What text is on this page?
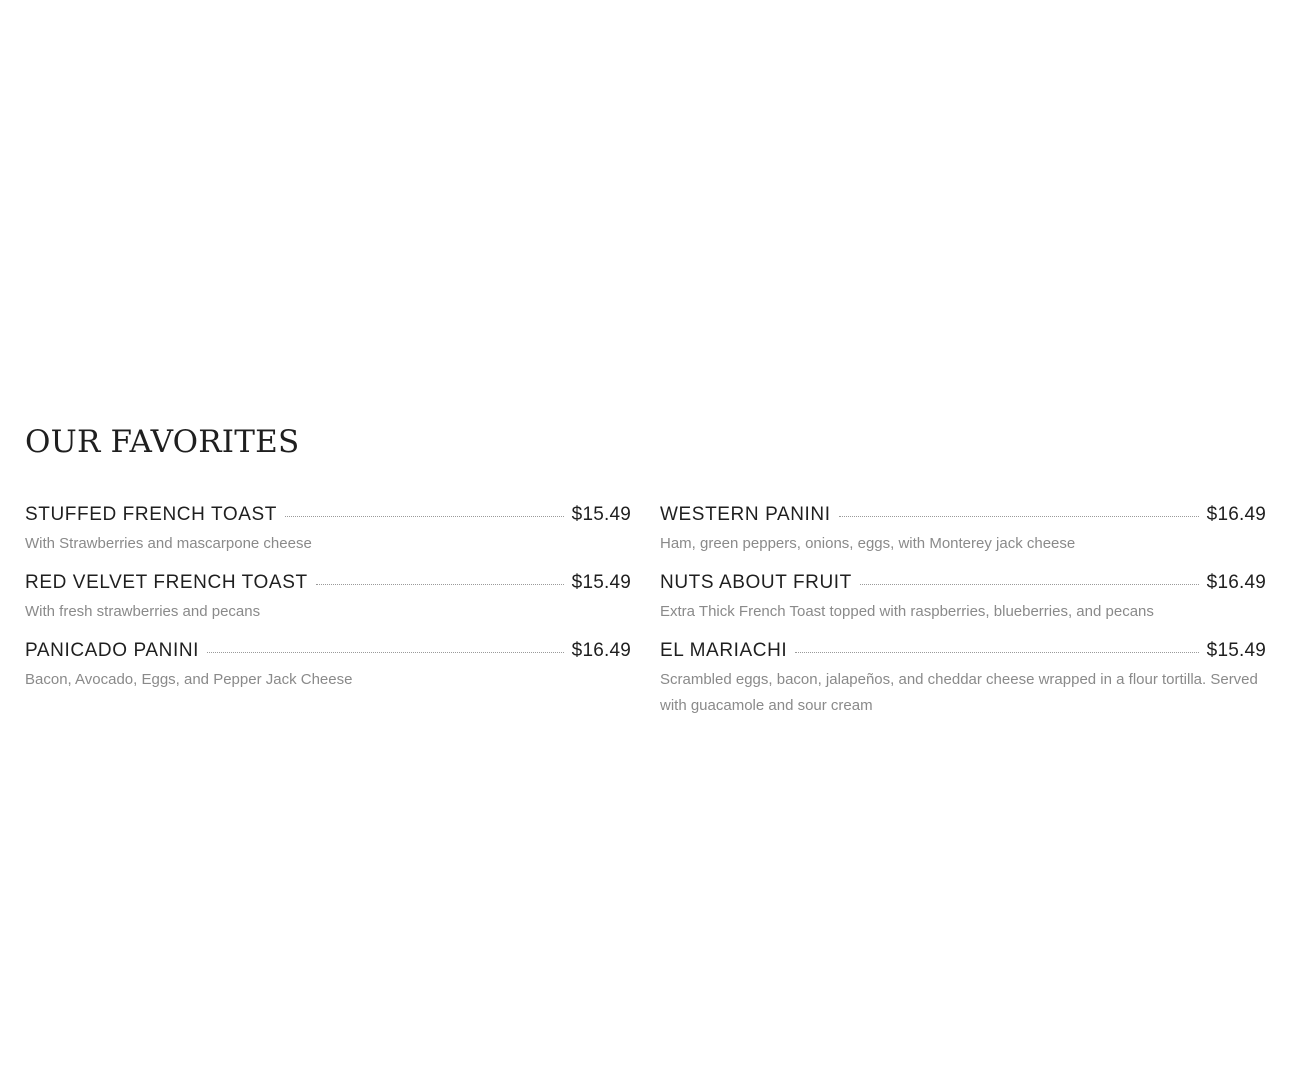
OUR FAVORITES
STUFFED FRENCH TOAST	$15.49
With Strawberries and mascarpone cheese
RED VELVET FRENCH TOAST	$15.49
With fresh strawberries and pecans
PANICADO PANINI	$16.49
Bacon, Avocado, Eggs, and Pepper Jack Cheese
WESTERN PANINI	$16.49
Ham, green peppers, onions, eggs, with Monterey jack cheese
NUTS ABOUT FRUIT	$16.49
Extra Thick French Toast topped with raspberries, blueberries, and pecans
EL MARIACHI	$15.49
Scrambled eggs, bacon, jalapeños, and cheddar cheese wrapped in a flour tortilla. Served with guacamole and sour cream
